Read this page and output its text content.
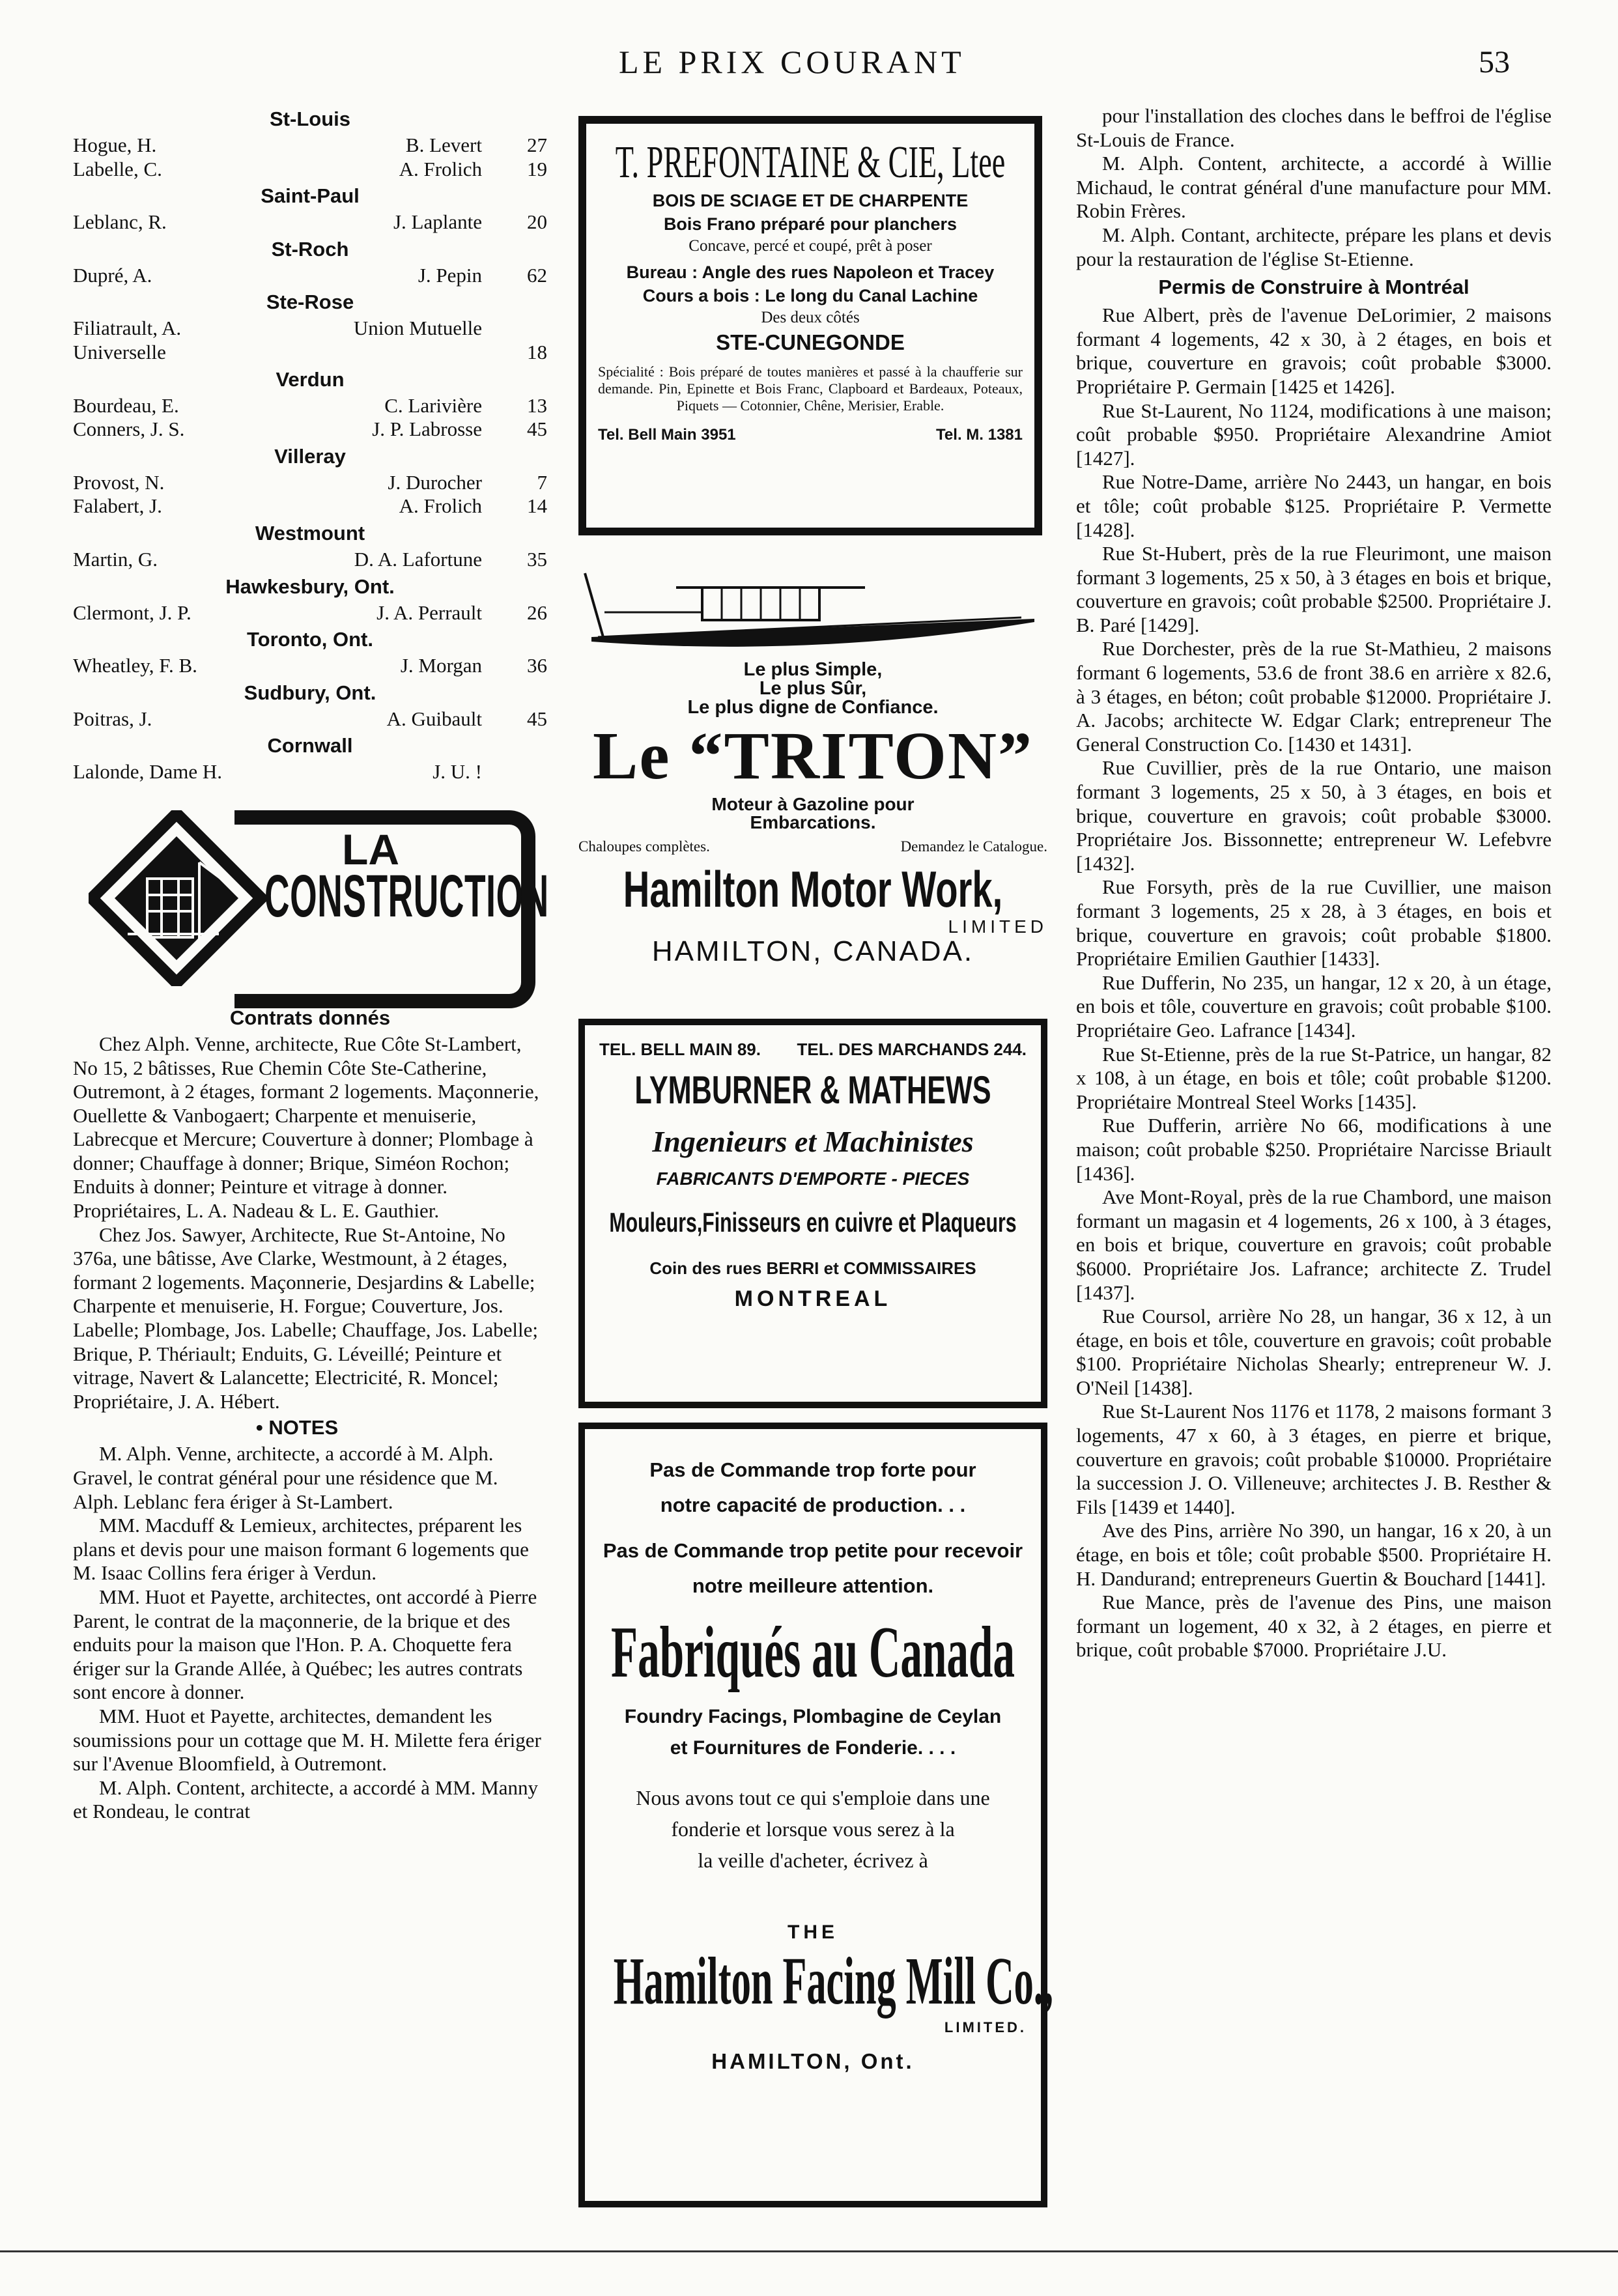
LE PRIX COURANT	53
St-Louis
Hogue, H.	B. Levert	27
Labelle, C.	A. Frolich	19
Saint-Paul
Leblanc, R.	J. Laplante	20
St-Roch
Dupré, A.	J. Pepin	62
Ste-Rose
Filiatrault, A.	Union Mutuelle
Universelle	18
Verdun
Bourdeau, E.	C. Larivière	13
Conners, J. S.	J. P. Labrosse	45
Villeray
Provost, N.	J. Durocher	7
Falabert, J.	A. Frolich	14
Westmount
Martin, G.	D. A. Lafortune	35
Hawkesbury, Ont.
Clermont, J. P.	J. A. Perrault	26
Toronto, Ont.
Wheatley, F. B.	J. Morgan	36
Sudbury, Ont.
Poitras, J.	A. Guibault	45
Cornwall
Lalonde, Dame H.	J. U. !
LA
CONSTRUCTION
Contrats donnés

Chez Alph. Venne, architecte, Rue Côte St-Lambert, No 15, 2 bâtisses, Rue Chemin Côte Ste-Catherine, Outremont, à 2 étages, formant 2 logements. Maçonnerie, Ouellette & Vanbogaert; Charpente et menuiserie, Labrecque et Mercure; Couverture à donner; Plombage à donner; Chauffage à donner; Brique, Siméon Rochon; Enduits à donner; Peinture et vitrage à donner. Propriétaires, L. A. Nadeau & L. E. Gauthier.

Chez Jos. Sawyer, Architecte, Rue St-Antoine, No 376a, une bâtisse, Ave Clarke, Westmount, à 2 étages, formant 2 logements. Maçonnerie, Desjardins & Labelle; Charpente et menuiserie, H. Forgue; Couverture, Jos. Labelle; Plombage, Jos. Labelle; Chauffage, Jos. Labelle; Brique, P. Thériault; Enduits, G. Léveillé; Peinture et vitrage, Navert & Lalancette; Electricité, R. Moncel; Propriétaire, J. A. Hébert.

• NOTES

M. Alph. Venne, architecte, a accordé à M. Alph. Gravel, le contrat général pour une résidence que M. Alph. Leblanc fera ériger à St-Lambert.

MM. Macduff & Lemieux, architectes, préparent les plans et devis pour une maison formant 6 logements que M. Isaac Collins fera ériger à Verdun.

MM. Huot et Payette, architectes, ont accordé à Pierre Parent, le contrat de la maçonnerie, de la brique et des enduits pour la maison que l'Hon. P. A. Choquette fera ériger sur la Grande Allée, à Québec; les autres contrats sont encore à donner.

MM. Huot et Payette, architectes, demandent les soumissions pour un cottage que M. H. Milette fera ériger sur l'Avenue Bloomfield, à Outremont.

M. Alph. Content, architecte, a accordé à MM. Manny et Rondeau, le contrat

T. PREFONTAINE & CIE, Ltee
BOIS DE SCIAGE ET DE CHARPENTE
Bois Frano préparé pour planchers
Concave, percé et coupé, prêt à poser
Bureau : Angle des rues Napoleon et Tracey
Cours a bois : Le long du Canal Lachine
Des deux côtés
STE-CUNEGONDE
Spécialité : Bois préparé de toutes manières et passé à la chaufferie sur demande. Pin, Epinette et Bois Franc, Clapboard et Bardeaux, Poteaux, Piquets — Cotonnier, Chêne, Merisier, Erable.
Tel. Bell Main 3951	Tel. M. 1381
Le plus Simple,
Le plus Sûr,
Le plus digne de Confiance.
Le “TRITON”
Moteur à Gazoline pour
Embarcations.
Chaloupes complètes.	Demandez le Catalogue.
Hamilton Motor Work,
LIMITED
HAMILTON, CANADA.
TEL. BELL MAIN 89. TEL. DES MARCHANDS 244.
LYMBURNER & MATHEWS
Ingenieurs et Machinistes
FABRICANTS D'EMPORTE - PIECES
Mouleurs,Finisseurs en cuivre et Plaqueurs
Coin des rues BERRI et COMMISSAIRES
MONTREAL
Pas de Commande trop forte pour
notre capacité de production. . .
Pas de Commande trop petite pour recevoir
notre meilleure attention.
Fabriqués au Canada
Foundry Facings, Plombagine de Ceylan
et Fournitures de Fonderie. . . .
Nous avons tout ce qui s'emploie dans une
fonderie et lorsque vous serez à la
la veille d'acheter, écrivez à
THE
Hamilton Facing Mill Co.,
LIMITED.
HAMILTON, Ont.

pour l'installation des cloches dans le beffroi de l'église St-Louis de France.

M. Alph. Content, architecte, a accordé à Willie Michaud, le contrat général d'une manufacture pour MM. Robin Frères.

M. Alph. Contant, architecte, prépare les plans et devis pour la restauration de l'église St-Etienne.

Permis de Construire à Montréal

Rue Albert, près de l'avenue DeLorimier, 2 maisons formant 4 logements, 42 x 30, à 2 étages, en bois et brique, couverture en gravois; coût probable $3000. Propriétaire P. Germain [1425 et 1426].

Rue St-Laurent, No 1124, modifications à une maison; coût probable $950. Propriétaire Alexandrine Amiot [1427].

Rue Notre-Dame, arrière No 2443, un hangar, en bois et tôle; coût probable $125. Propriétaire P. Vermette [1428].

Rue St-Hubert, près de la rue Fleurimont, une maison formant 3 logements, 25 x 50, à 3 étages en bois et brique, couverture en gravois; coût probable $2500. Propriétaire J. B. Paré [1429].

Rue Dorchester, près de la rue St-Mathieu, 2 maisons formant 6 logements, 53.6 de front 38.6 en arrière x 82.6, à 3 étages, en béton; coût probable $12000. Propriétaire J. A. Jacobs; architecte W. Edgar Clark; entrepreneur The General Construction Co. [1430 et 1431].

Rue Cuvillier, près de la rue Ontario, une maison formant 3 logements, 25 x 50, à 3 étages, en bois et brique, couverture en gravois; coût probable $3000. Propriétaire Jos. Bissonnette; entrepreneur W. Lefebvre [1432].

Rue Forsyth, près de la rue Cuvillier, une maison formant 3 logements, 25 x 28, à 3 étages, en bois et brique, couverture en gravois; coût probable $1800. Propriétaire Emilien Gauthier [1433].

Rue Dufferin, No 235, un hangar, 12 x 20, à un étage, en bois et tôle, couverture en gravois; coût probable $100. Propriétaire Geo. Lafrance [1434].

Rue St-Etienne, près de la rue St-Patrice, un hangar, 82 x 108, à un étage, en bois et tôle; coût probable $1200. Propriétaire Montreal Steel Works [1435].

Rue Dufferin, arrière No 66, modifications à une maison; coût probable $250. Propriétaire Narcisse Briault [1436].

Ave Mont-Royal, près de la rue Chambord, une maison formant un magasin et 4 logements, 26 x 100, à 3 étages, en bois et brique, couverture en gravois; coût probable $6000. Propriétaire Jos. Lafrance; architecte Z. Trudel [1437].

Rue Coursol, arrière No 28, un hangar, 36 x 12, à un étage, en bois et tôle, couverture en gravois; coût probable $100. Propriétaire Nicholas Shearly; entrepreneur W. J. O'Neil [1438].

Rue St-Laurent Nos 1176 et 1178, 2 maisons formant 3 logements, 47 x 60, à 3 étages, en pierre et brique, couverture en gravois; coût probable $10000. Propriétaire la succession J. O. Villeneuve; architectes J. B. Resther & Fils [1439 et 1440].

Ave des Pins, arrière No 390, un hangar, 16 x 20, à un étage, en bois et tôle; coût probable $500. Propriétaire H. H. Dandurand; entrepreneurs Guertin & Bouchard [1441].

Rue Mance, près de l'avenue des Pins, une maison formant un logement, 40 x 32, à 2 étages, en pierre et brique, coût probable $7000. Propriétaire J.U.
